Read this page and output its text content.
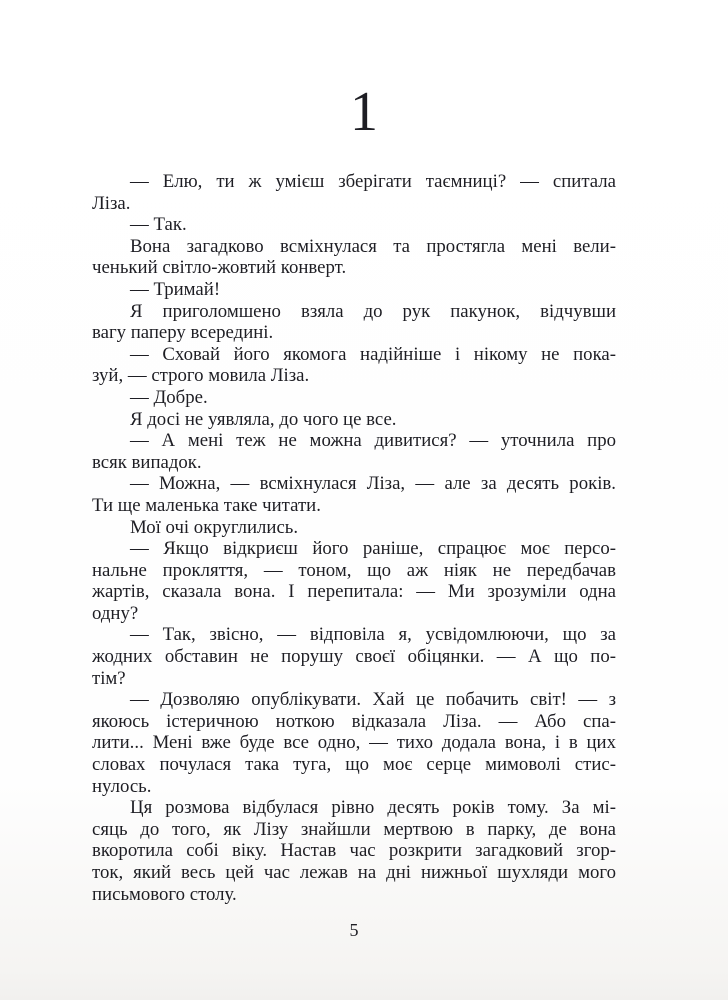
1
— Елю, ти ж умієш зберігати таємниці? — спитала
Ліза.
— Так.
Вона загадково всміхнулася та простягла мені вели-
ченький світло-жовтий конверт.
— Тримай!
Я приголомшено взяла до рук пакунок, відчувши
вагу паперу всередині.
— Сховай його якомога надійніше і нікому не пока-
зуй, — строго мовила Ліза.
— Добре.
Я досі не уявляла, до чого це все.
— А мені теж не можна дивитися? — уточнила про
всяк випадок.
— Можна, — всміхнулася Ліза, — але за десять років.
Ти ще маленька таке читати.
Мої очі округлились.
— Якщо відкриєш його раніше, спрацює моє персо-
нальне прокляття, — тоном, що аж ніяк не передбачав
жартів, сказала вона. І перепитала: — Ми зрозуміли одна
одну?
— Так, звісно, — відповіла я, усвідомлюючи, що за
жодних обставин не порушу своєї обіцянки. — А що по-
тім?
— Дозволяю опублікувати. Хай це побачить світ! — з
якоюсь істеричною ноткою відказала Ліза. — Або спа-
лити... Мені вже буде все одно, — тихо додала вона, і в цих
словах почулася така туга, що моє серце мимоволі стис-
нулось.
Ця розмова відбулася рівно десять років тому. За мі-
сяць до того, як Лізу знайшли мертвою в парку, де вона
вкоротила собі віку. Настав час розкрити загадковий згор-
ток, який весь цей час лежав на дні нижньої шухляди мого
письмового столу.
5
